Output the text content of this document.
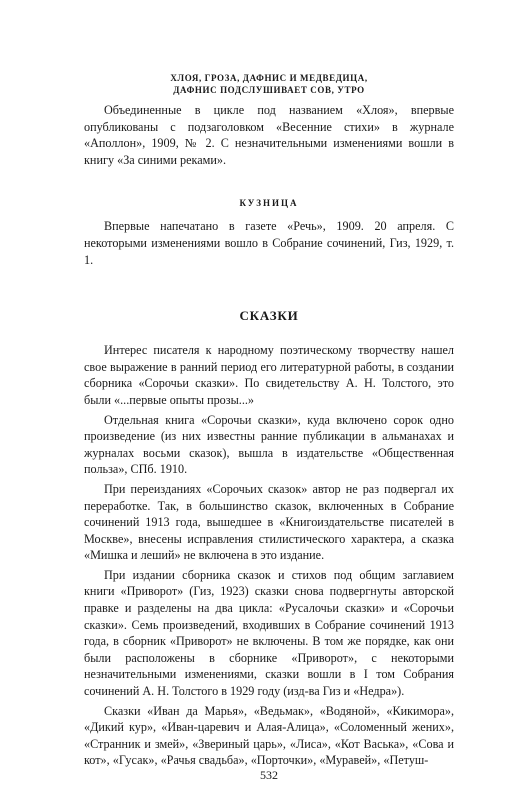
ХЛОЯ, ГРОЗА, ДАФНИС И МЕДВЕДИЦА,
ДАФНИС ПОДСЛУШИВАЕТ СОВ, УТРО

Объединенные в цикле под названием «Хлоя», впервые опубликованы с подзаголовком «Весенние стихи» в журнале «Аполлон», 1909, № 2. С незначительными изменениями вошли в книгу «За синими реками».

КУЗНИЦА

Впервые напечатано в газете «Речь», 1909. 20 апреля. С некоторыми изменениями вошло в Собрание сочинений, Гиз, 1929, т. 1.

СКАЗКИ

Интерес писателя к народному поэтическому творчеству нашел свое выражение в ранний период его литературной работы, в создании сборника «Сорочьи сказки». По свидетельству А. Н. Толстого, это были «...первые опыты прозы...»

Отдельная книга «Сорочьи сказки», куда включено сорок одно произведение (из них известны ранние публикации в альманахах и журналах восьми сказок), вышла в издательстве «Общественная польза», СПб. 1910.

При переизданиях «Сорочьих сказок» автор не раз подвергал их переработке. Так, в большинство сказок, включенных в Собрание сочинений 1913 года, вышедшее в «Книгоиздательстве писателей в Москве», внесены исправления стилистического характера, а сказка «Мишка и леший» не включена в это издание.

При издании сборника сказок и стихов под общим заглавием книги «Приворот» (Гиз, 1923) сказки снова подвергнуты авторской правке и разделены на два цикла: «Русалочьи сказки» и «Сорочьи сказки». Семь произведений, входивших в Собрание сочинений 1913 года, в сборник «Приворот» не включены. В том же порядке, как они были расположены в сборнике «Приворот», с некоторыми незначительными изменениями, сказки вошли в I том Собрания сочинений А. Н. Толстого в 1929 году (изд-ва Гиз и «Недра»).

Сказки «Иван да Марья», «Ведьмак», «Водяной», «Кикимора», «Дикий кур», «Иван-царевич и Алая-Алица», «Соломенный жених», «Странник и змей», «Звериный царь», «Лиса», «Кот Васька», «Сова и кот», «Гусак», «Рачья свадьба», «Порточки», «Муравей», «Петуш-

532
